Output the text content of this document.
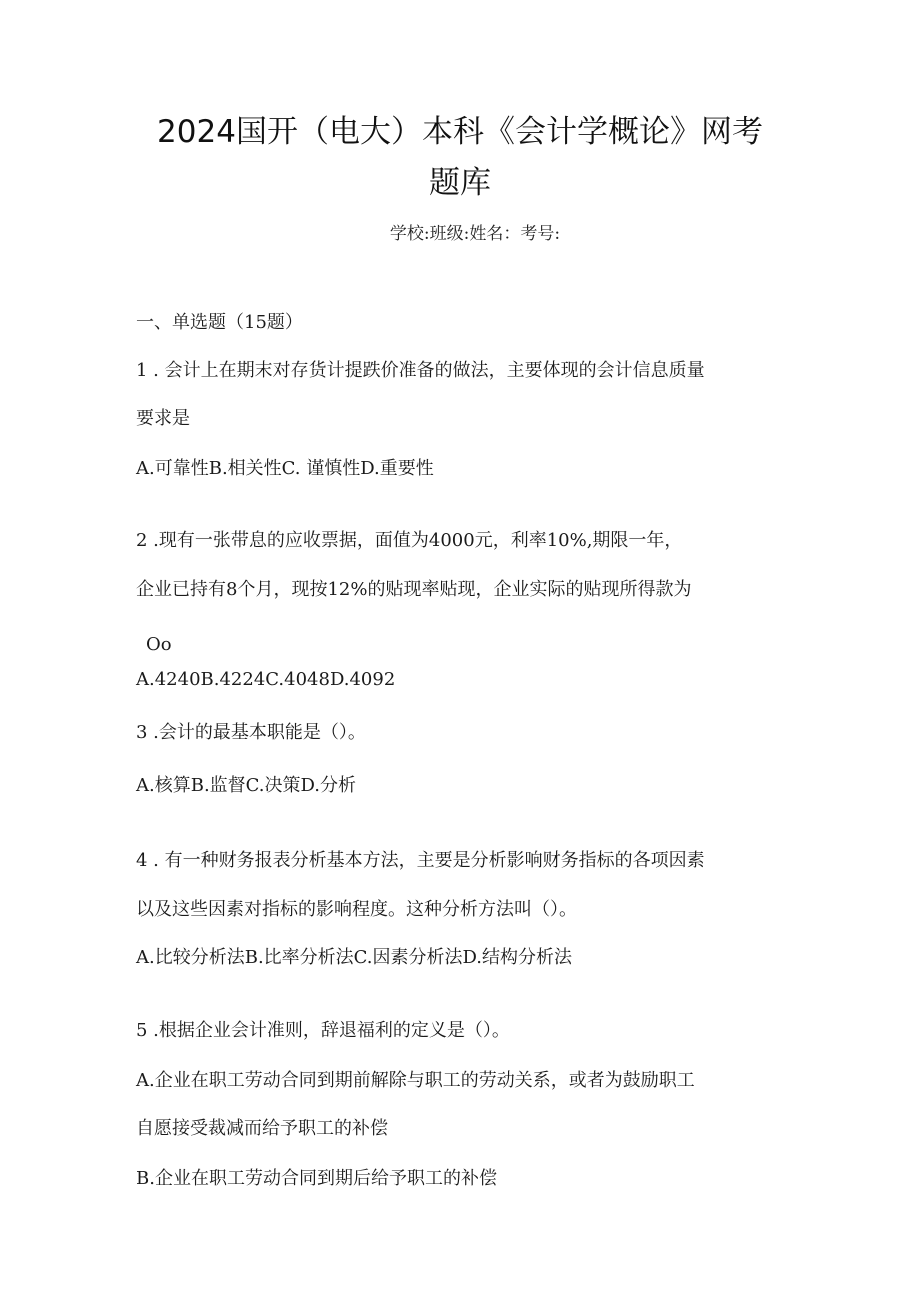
2024国开（电大）本科《会计学概论》网考
题库
学校:班级:姓名：考号:
一、单选题（15题）
1 . 会计上在期末对存货计提跌价准备的做法，主要体现的会计信息质量
要求是
A.可靠性B.相关性C. 谨慎性D.重要性
2 .现有一张带息的应收票据，面值为4000元，利率10%,期限一年，
企业已持有8个月，现按12%的贴现率贴现，企业实际的贴现所得款为
Oo
A.4240B.4224C.4048D.4092
3 .会计的最基本职能是（）。
A.核算B.监督C.决策D.分析
4 . 有一种财务报表分析基本方法，主要是分析影响财务指标的各项因素
以及这些因素对指标的影响程度。这种分析方法叫（）。
A.比较分析法B.比率分析法C.因素分析法D.结构分析法
5 .根据企业会计准则，辞退福利的定义是（）。
A.企业在职工劳动合同到期前解除与职工的劳动关系，或者为鼓励职工
自愿接受裁减而给予职工的补偿
B.企业在职工劳动合同到期后给予职工的补偿
